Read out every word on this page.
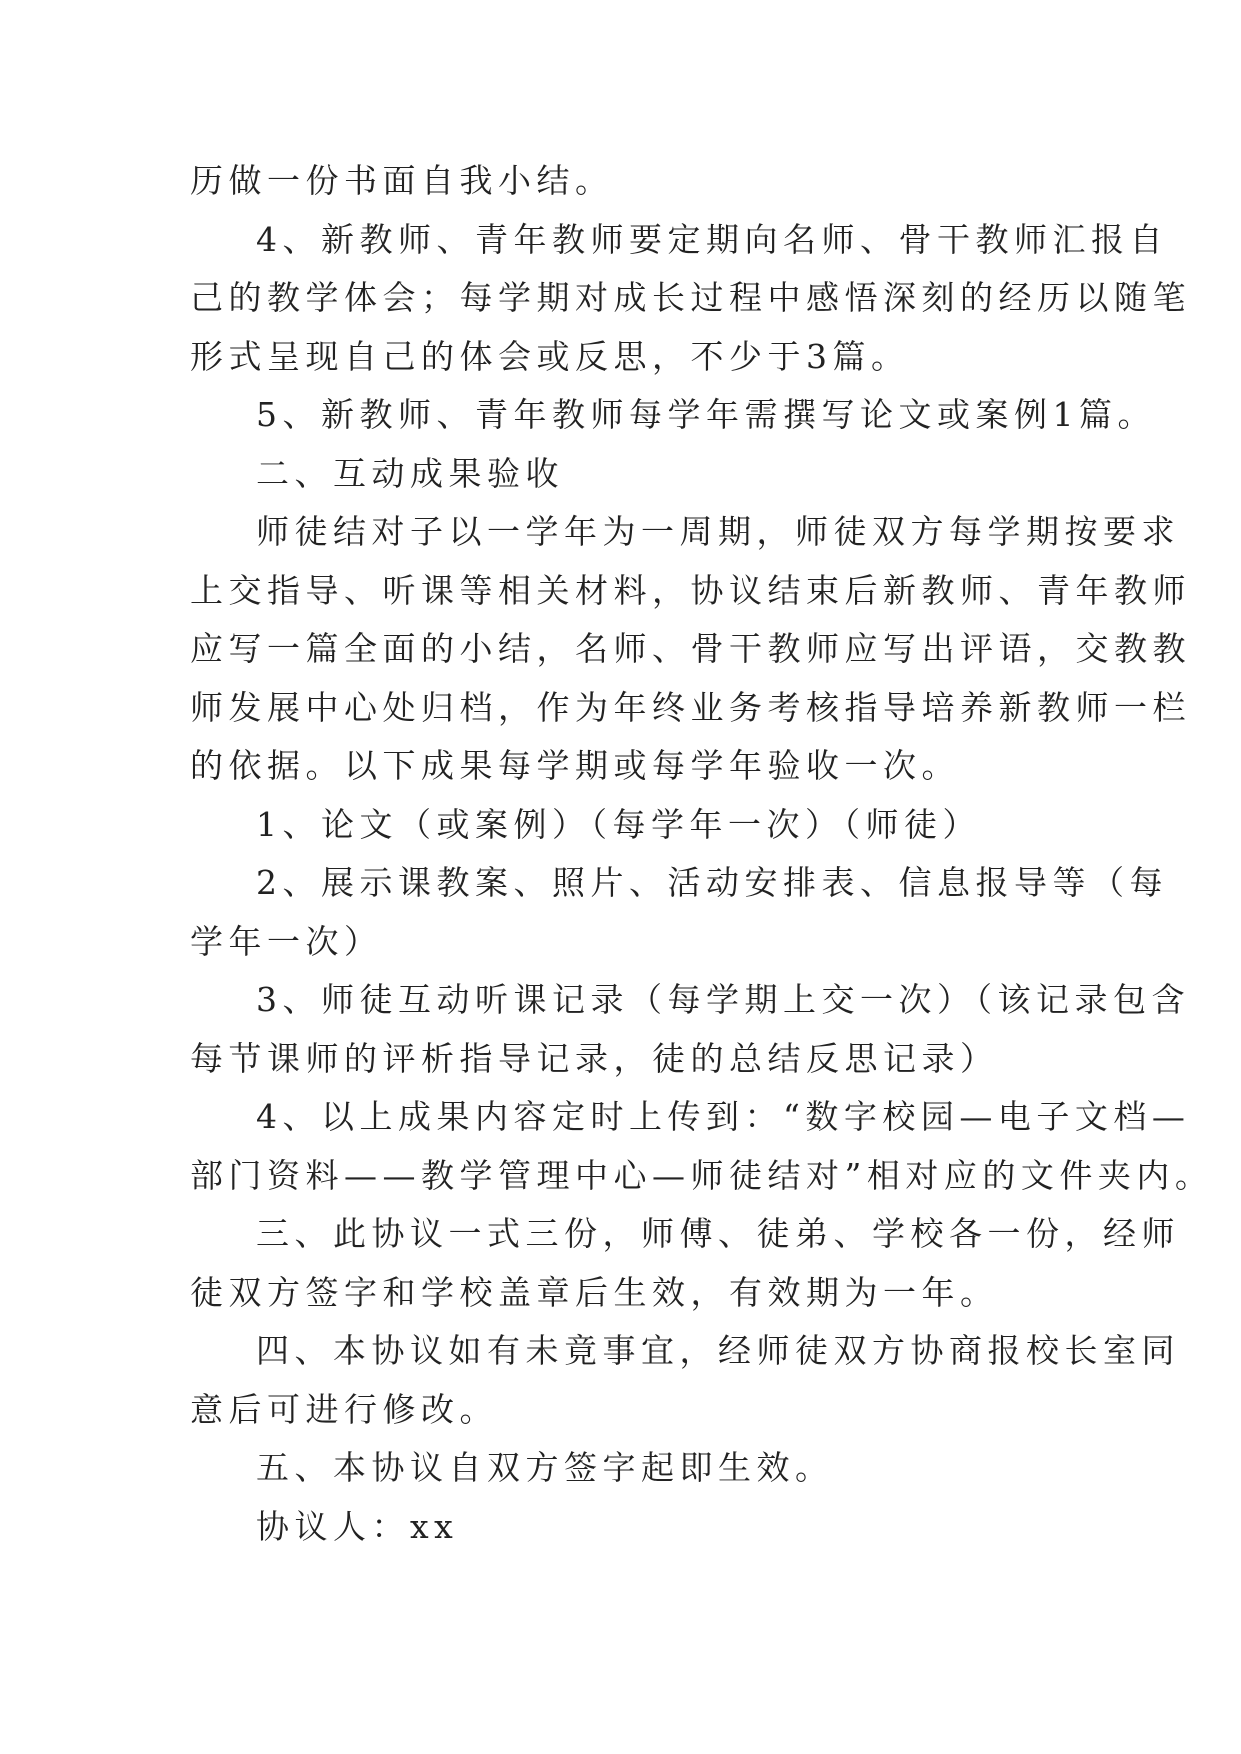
历做一份书面自我小结。
4、新教师、青年教师要定期向名师、骨干教师汇报自
己的教学体会；每学期对成长过程中感悟深刻的经历以随笔
形式呈现自己的体会或反思，不少于3篇。
5、新教师、青年教师每学年需撰写论文或案例1篇。
二、互动成果验收
师徒结对子以一学年为一周期，师徒双方每学期按要求
上交指导、听课等相关材料，协议结束后新教师、青年教师
应写一篇全面的小结，名师、骨干教师应写出评语，交教教
师发展中心处归档，作为年终业务考核指导培养新教师一栏
的依据。以下成果每学期或每学年验收一次。
1、论文（或案例）（每学年一次）（师徒）
2、展示课教案、照片、活动安排表、信息报导等（每
学年一次）
3、师徒互动听课记录（每学期上交一次）（该记录包含
每节课师的评析指导记录，徒的总结反思记录）
4、以上成果内容定时上传到：“数字校园—电子文档—
部门资料——教学管理中心—师徒结对”相对应的文件夹内。
三、此协议一式三份，师傅、徒弟、学校各一份，经师
徒双方签字和学校盖章后生效，有效期为一年。
四、本协议如有未竟事宜，经师徒双方协商报校长室同
意后可进行修改。
五、本协议自双方签字起即生效。
协议人：xx
